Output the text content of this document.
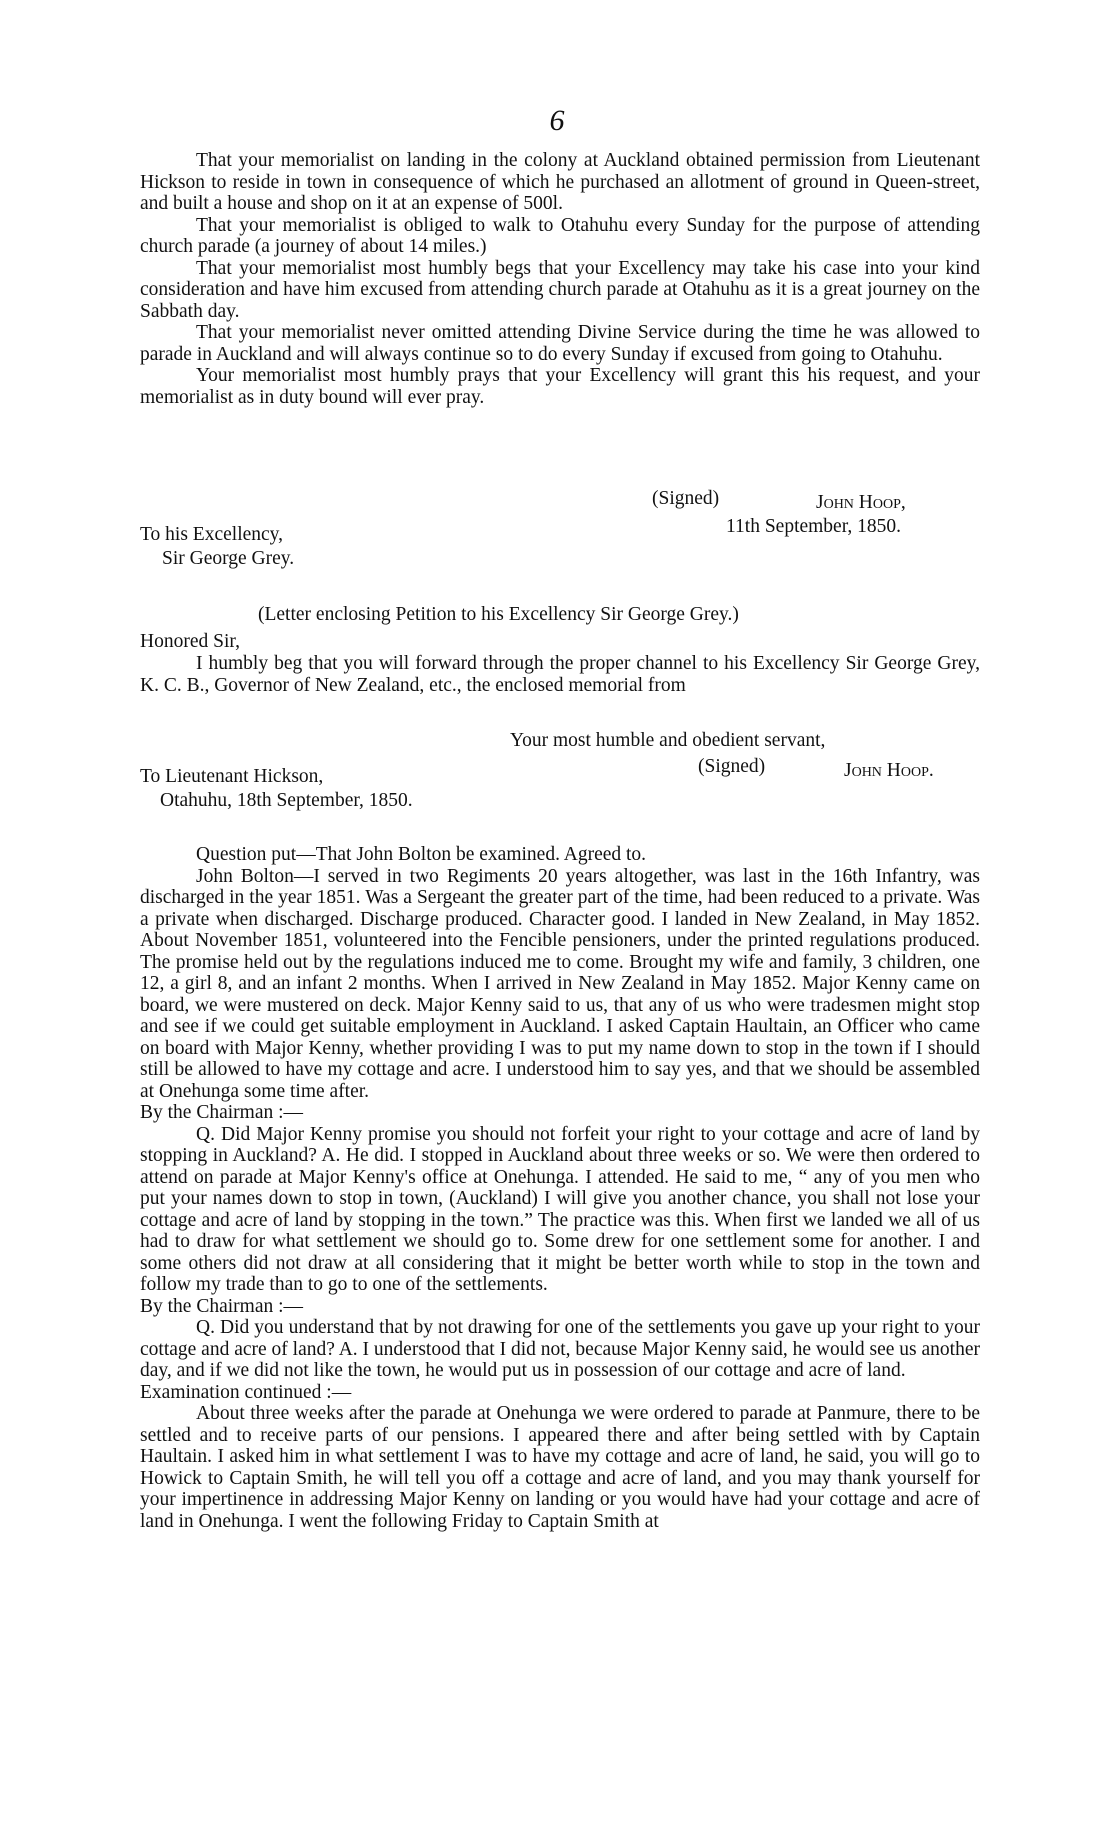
6

That your memorialist on landing in the colony at Auckland obtained permission from Lieutenant Hickson to reside in town in consequence of which he purchased an allotment of ground in Queen-street, and built a house and shop on it at an expense of 500l.

That your memorialist is obliged to walk to Otahuhu every Sunday for the purpose of attending church parade (a journey of about 14 miles.)

That your memorialist most humbly begs that your Excellency may take his case into your kind consideration and have him excused from attending church parade at Otahuhu as it is a great journey on the Sabbath day.

That your memorialist never omitted attending Divine Service during the time he was allowed to parade in Auckland and will always continue so to do every Sunday if excused from going to Otahuhu.

Your memorialist most humbly prays that your Excellency will grant this his request, and your memorialist as in duty bound will ever pray.

(Signed)	John Hoop,
11th September, 1850.
To his Excellency,
Sir George Grey.
(Letter enclosing Petition to his Excellency Sir George Grey.)
Honored Sir,

I humbly beg that you will forward through the proper channel to his Excellency Sir George Grey, K. C. B., Governor of New Zealand, etc., the enclosed memorial from

Your most humble and obedient servant,
(Signed)	John Hoop.
To Lieutenant Hickson,
Otahuhu, 18th September, 1850.

Question put—That John Bolton be examined. Agreed to.

John Bolton—I served in two Regiments 20 years altogether, was last in the 16th Infantry, was discharged in the year 1851. Was a Sergeant the greater part of the time, had been reduced to a private. Was a private when discharged. Discharge produced. Character good. I landed in New Zealand, in May 1852. About November 1851, volunteered into the Fencible pensioners, under the printed regulations produced. The promise held out by the regulations induced me to come. Brought my wife and family, 3 children, one 12, a girl 8, and an infant 2 months. When I arrived in New Zealand in May 1852. Major Kenny came on board, we were mustered on deck. Major Kenny said to us, that any of us who were tradesmen might stop and see if we could get suitable employment in Auckland. I asked Captain Haultain, an Officer who came on board with Major Kenny, whether providing I was to put my name down to stop in the town if I should still be allowed to have my cottage and acre. I understood him to say yes, and that we should be assembled at Onehunga some time after.

By the Chairman :—

Q. Did Major Kenny promise you should not forfeit your right to your cottage and acre of land by stopping in Auckland? A. He did. I stopped in Auckland about three weeks or so. We were then ordered to attend on parade at Major Kenny's office at Onehunga. I attended. He said to me, “ any of you men who put your names down to stop in town, (Auckland) I will give you another chance, you shall not lose your cottage and acre of land by stopping in the town.” The practice was this. When first we landed we all of us had to draw for what settlement we should go to. Some drew for one settlement some for another. I and some others did not draw at all considering that it might be better worth while to stop in the town and follow my trade than to go to one of the settlements.

By the Chairman :—

Q. Did you understand that by not drawing for one of the settlements you gave up your right to your cottage and acre of land? A. I understood that I did not, because Major Kenny said, he would see us another day, and if we did not like the town, he would put us in possession of our cottage and acre of land.

Examination continued :—

About three weeks after the parade at Onehunga we were ordered to parade at Panmure, there to be settled and to receive parts of our pensions. I appeared there and after being settled with by Captain Haultain. I asked him in what settlement I was to have my cottage and acre of land, he said, you will go to Howick to Captain Smith, he will tell you off a cottage and acre of land, and you may thank yourself for your impertinence in addressing Major Kenny on landing or you would have had your cottage and acre of land in Onehunga. I went the following Friday to Captain Smith at
